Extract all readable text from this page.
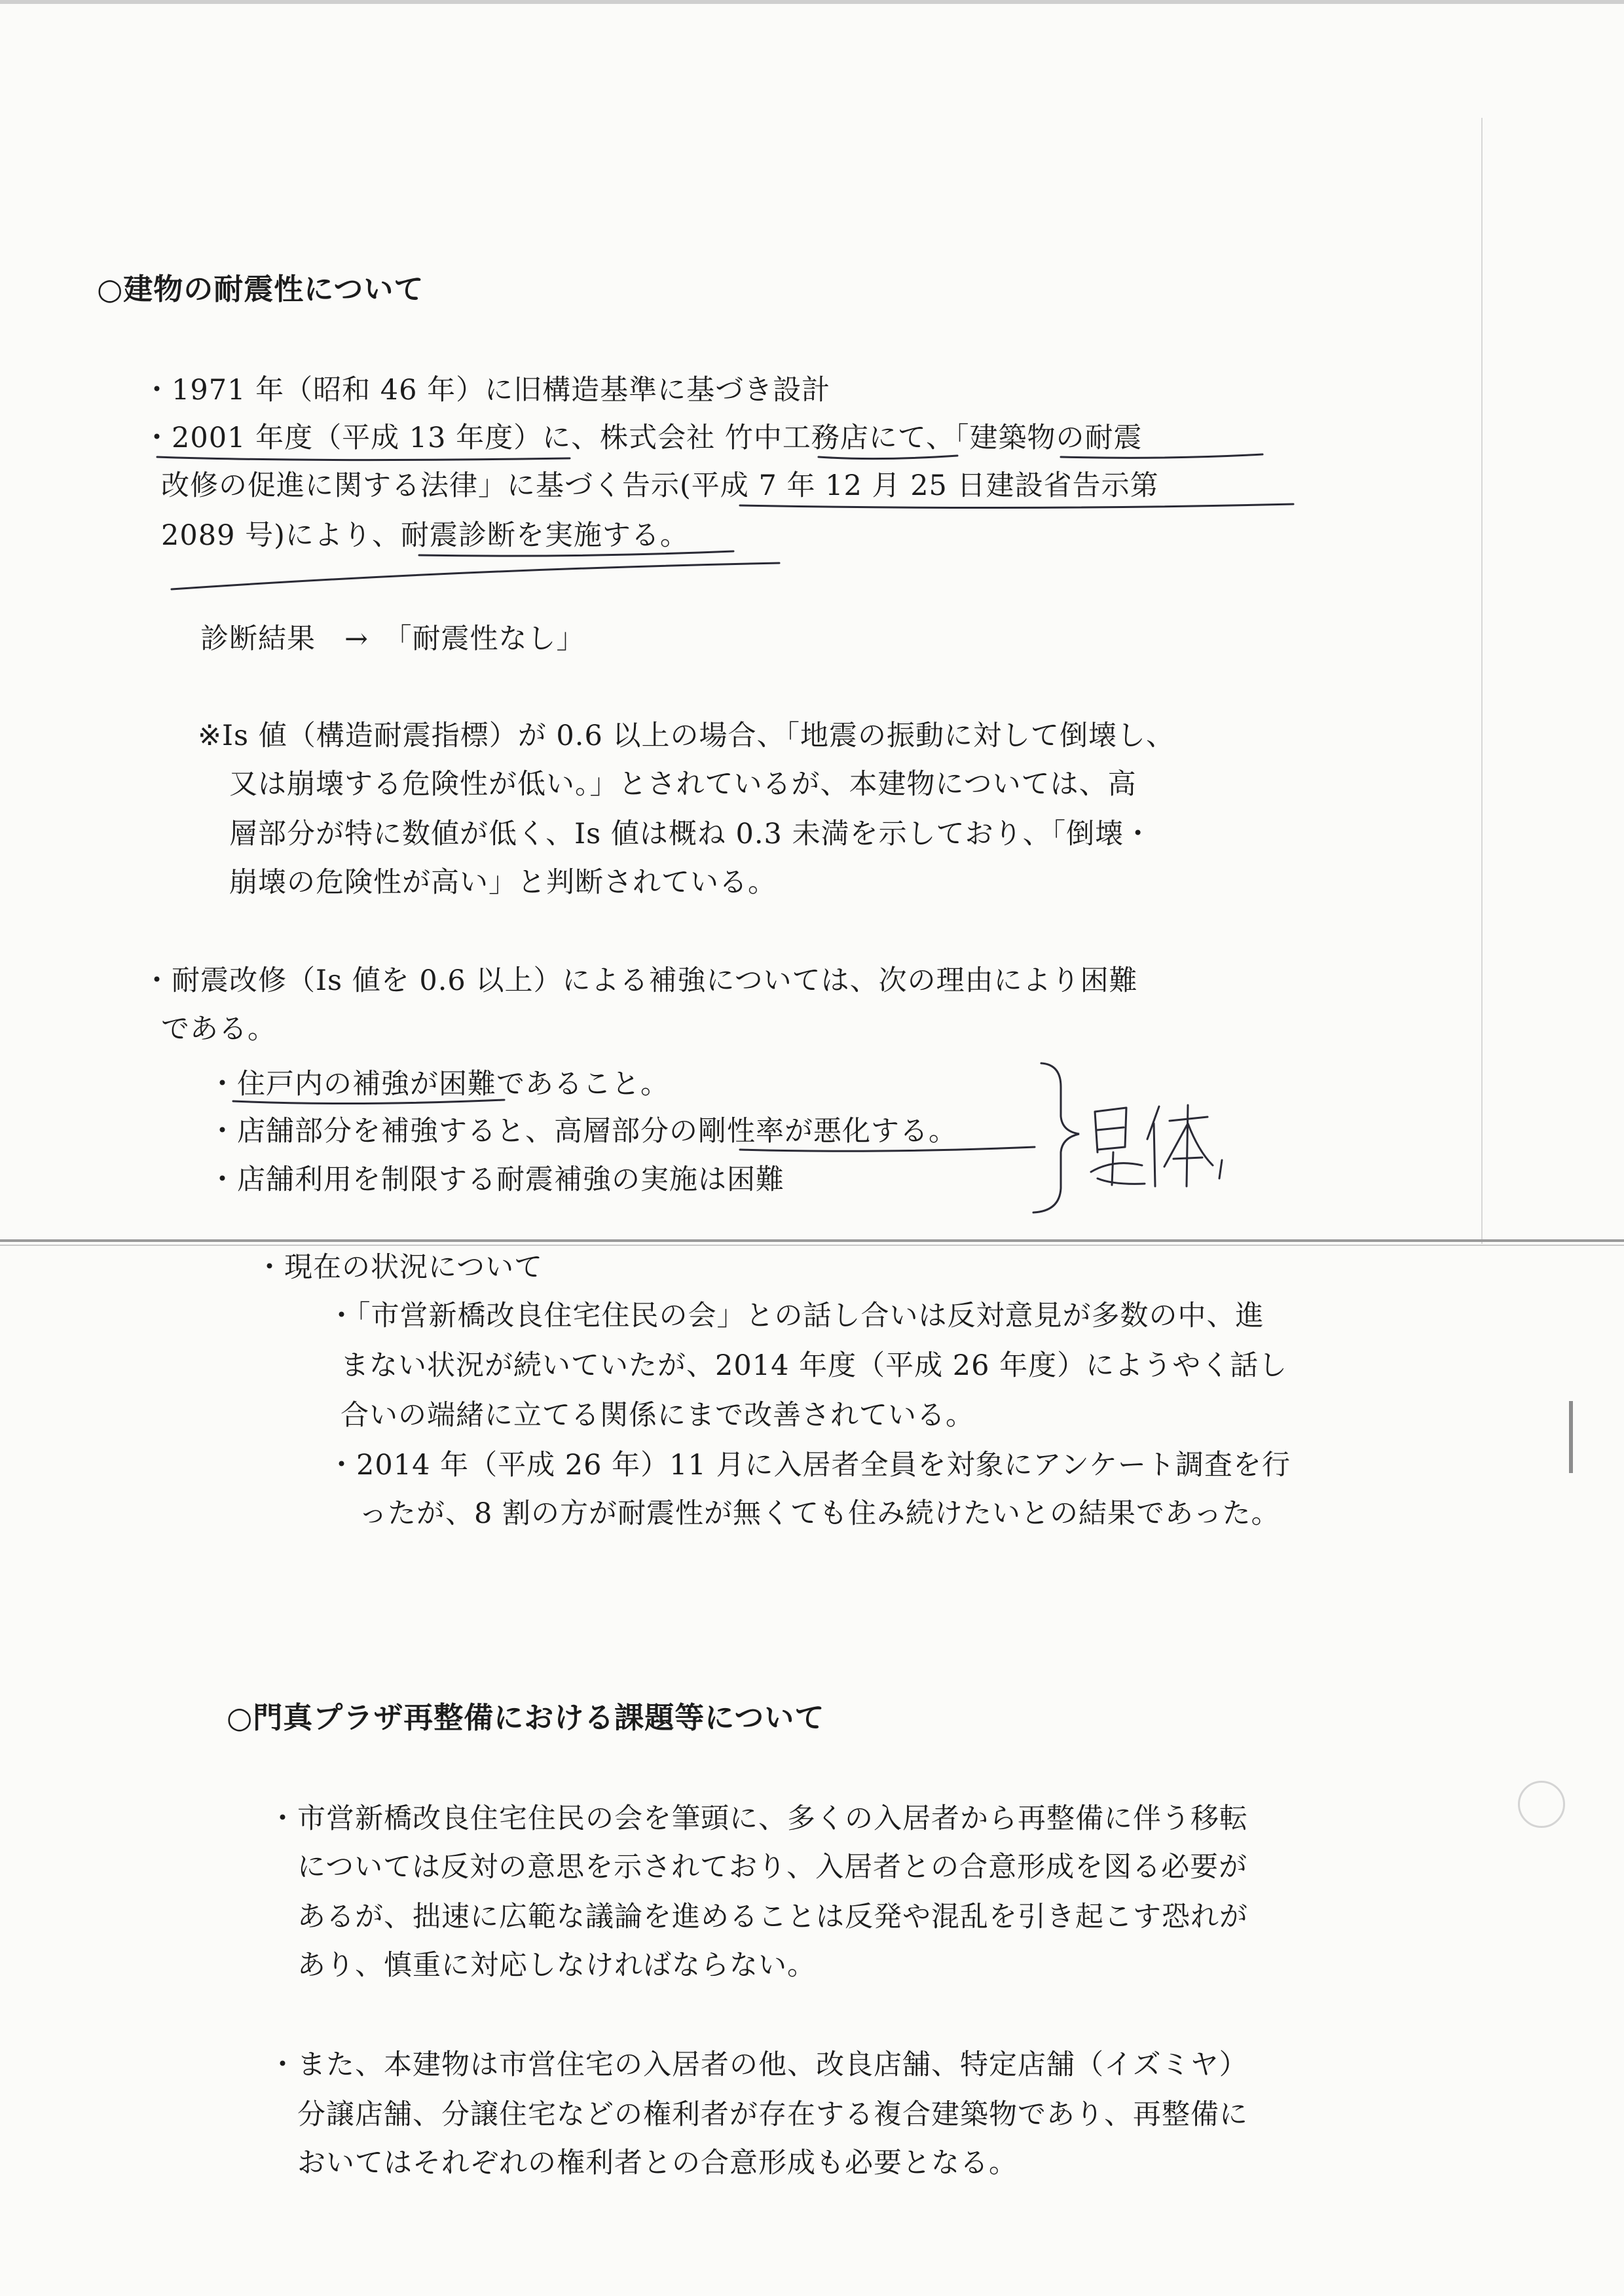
○建物の耐震性について
・1971 年（昭和 46 年）に旧構造基準に基づき設計
・2001 年度（平成 13 年度）に、株式会社 竹中工務店にて、「建築物の耐震
改修の促進に関する法律」に基づく告示(平成 7 年 12 月 25 日建設省告示第
2089 号)により、耐震診断を実施する。
診断結果　→　「耐震性なし」
※Is 値（構造耐震指標）が 0.6 以上の場合、「地震の振動に対して倒壊し、
又は崩壊する危険性が低い。」とされているが、本建物については、高
層部分が特に数値が低く、Is 値は概ね 0.3 未満を示しており、「倒壊・
崩壊の危険性が高い」と判断されている。
・耐震改修（Is 値を 0.6 以上）による補強については、次の理由により困難
である。
・住戸内の補強が困難であること。
・店舗部分を補強すると、高層部分の剛性率が悪化する。
・店舗利用を制限する耐震補強の実施は困難
・現在の状況について
・「市営新橋改良住宅住民の会」との話し合いは反対意見が多数の中、進
まない状況が続いていたが、2014 年度（平成 26 年度）にようやく話し
合いの端緒に立てる関係にまで改善されている。
・2014 年（平成 26 年）11 月に入居者全員を対象にアンケート調査を行
ったが、8 割の方が耐震性が無くても住み続けたいとの結果であった。
○門真プラザ再整備における課題等について
・市営新橋改良住宅住民の会を筆頭に、多くの入居者から再整備に伴う移転
については反対の意思を示されており、入居者との合意形成を図る必要が
あるが、拙速に広範な議論を進めることは反発や混乱を引き起こす恐れが
あり、慎重に対応しなければならない。
・また、本建物は市営住宅の入居者の他、改良店舗、特定店舗（イズミヤ）
分譲店舗、分譲住宅などの権利者が存在する複合建築物であり、再整備に
おいてはそれぞれの権利者との合意形成も必要となる。
